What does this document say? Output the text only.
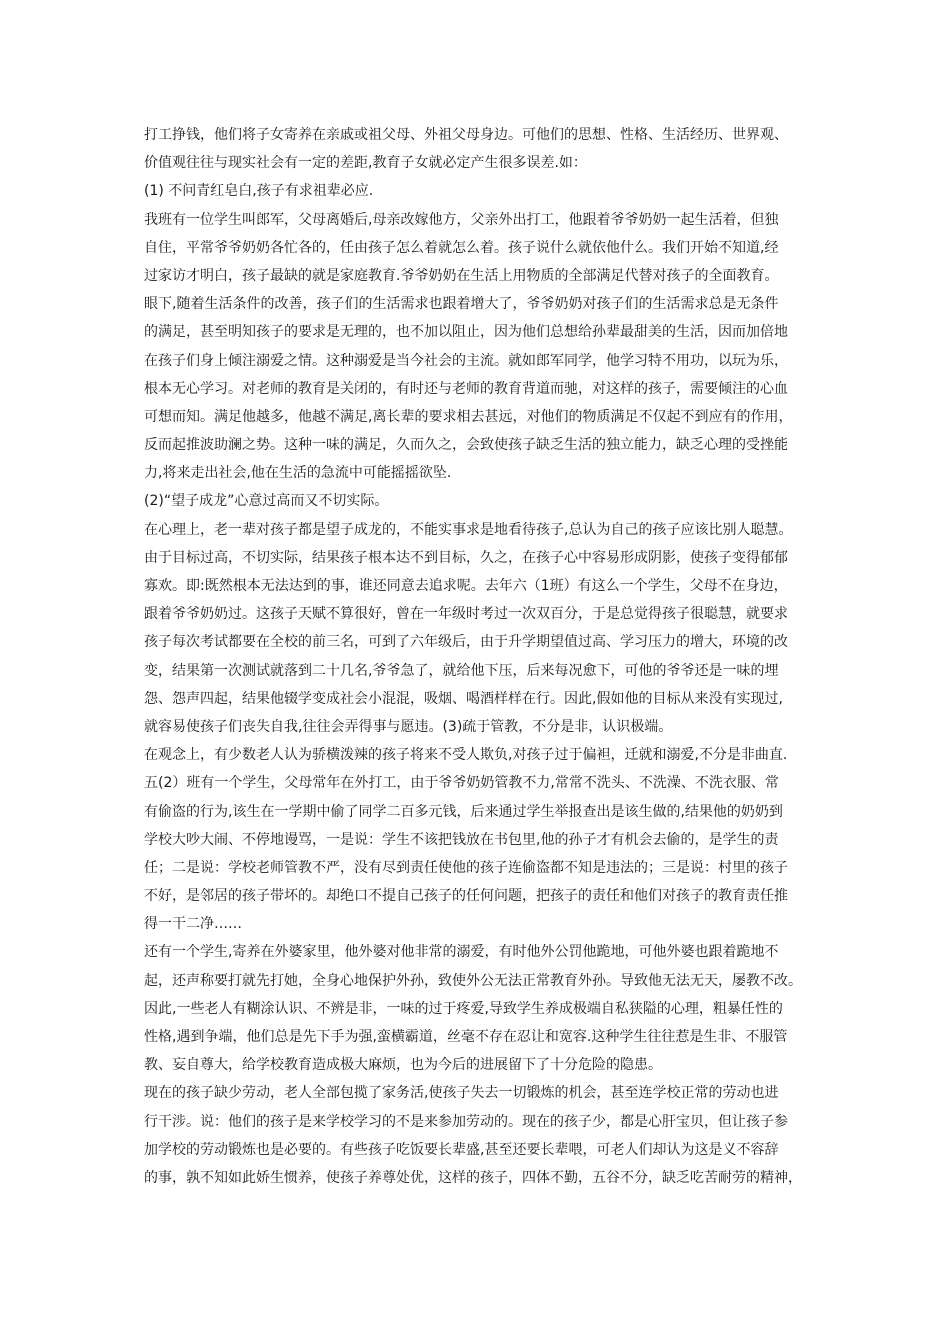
打工挣钱，他们将子女寄养在亲戚或祖父母、外祖父母身边。可他们的思想、性格、生活经历、世界观、
价值观往往与现实社会有一定的差距,教育子女就必定产生很多误差.如：
(1) 不问青红皂白,孩子有求祖辈必应.
我班有一位学生叫郎军，父母离婚后,母亲改嫁他方，父亲外出打工，他跟着爷爷奶奶一起生活着，但独
自住，平常爷爷奶奶各忙各的，任由孩子怎么着就怎么着。孩子说什么就依他什么。我们开始不知道,经
过家访才明白，孩子最缺的就是家庭教育.爷爷奶奶在生活上用物质的全部满足代替对孩子的全面教育。
眼下,随着生活条件的改善，孩子们的生活需求也跟着增大了，爷爷奶奶对孩子们的生活需求总是无条件
的满足，甚至明知孩子的要求是无理的，也不加以阻止，因为他们总想给孙辈最甜美的生活，因而加倍地
在孩子们身上倾注溺爱之情。这种溺爱是当今社会的主流。就如郎军同学，他学习特不用功，以玩为乐，
根本无心学习。对老师的教育是关闭的，有时还与老师的教育背道而驰，对这样的孩子，需要倾注的心血
可想而知。满足他越多，他越不满足,离长辈的要求相去甚远，对他们的物质满足不仅起不到应有的作用，
反而起推波助澜之势。这种一味的满足，久而久之，会致使孩子缺乏生活的独立能力，缺乏心理的受挫能
力,将来走出社会,他在生活的急流中可能摇摇欲坠.
(2)“望子成龙”心意过高而又不切实际。
在心理上，老一辈对孩子都是望子成龙的，不能实事求是地看待孩子,总认为自己的孩子应该比别人聪慧。
由于目标过高，不切实际，结果孩子根本达不到目标，久之，在孩子心中容易形成阴影，使孩子变得郁郁
寡欢。即:既然根本无法达到的事，谁还同意去追求呢。去年六（1班）有这么一个学生，父母不在身边，
跟着爷爷奶奶过。这孩子天赋不算很好，曾在一年级时考过一次双百分，于是总觉得孩子很聪慧，就要求
孩子每次考试都要在全校的前三名，可到了六年级后，由于升学期望值过高、学习压力的增大，环境的改
变，结果第一次测试就落到二十几名,爷爷急了，就给他下压，后来每况愈下，可他的爷爷还是一味的埋
怨、怨声四起，结果他辍学变成社会小混混，吸烟、喝酒样样在行。因此,假如他的目标从来没有实现过,
就容易使孩子们丧失自我,往往会弄得事与愿违。(3)疏于管教，不分是非，认识极端。
在观念上，有少数老人认为骄横泼辣的孩子将来不受人欺负,对孩子过于偏袒，迁就和溺爱,不分是非曲直.
五(2）班有一个学生，父母常年在外打工，由于爷爷奶奶管教不力,常常不洗头、不洗澡、不洗衣服、常
有偷盗的行为,该生在一学期中偷了同学二百多元钱，后来通过学生举报查出是该生做的,结果他的奶奶到
学校大吵大闹、不停地谩骂，一是说：学生不该把钱放在书包里,他的孙子才有机会去偷的，是学生的责
任；二是说：学校老师管教不严，没有尽到责任使他的孩子连偷盗都不知是违法的；三是说：村里的孩子
不好，是邻居的孩子带坏的。却绝口不提自己孩子的任何问题，把孩子的责任和他们对孩子的教育责任推
得一干二净……
还有一个学生,寄养在外婆家里，他外婆对他非常的溺爱，有时他外公罚他跪地，可他外婆也跟着跪地不
起，还声称要打就先打她，全身心地保护外孙，致使外公无法正常教育外孙。导致他无法无天，屡教不改。
因此,一些老人有糊涂认识、不辨是非，一味的过于疼爱,导致学生养成极端自私狭隘的心理，粗暴任性的
性格,遇到争端，他们总是先下手为强,蛮横霸道，丝毫不存在忍让和宽容.这种学生往往惹是生非、不服管
教、妄自尊大，给学校教育造成极大麻烦，也为今后的进展留下了十分危险的隐患。
现在的孩子缺少劳动，老人全部包揽了家务活,使孩子失去一切锻炼的机会，甚至连学校正常的劳动也进
行干涉。说：他们的孩子是来学校学习的不是来参加劳动的。现在的孩子少，都是心肝宝贝，但让孩子参
加学校的劳动锻炼也是必要的。有些孩子吃饭要长辈盛,甚至还要长辈喂，可老人们却认为这是义不容辞
的事，孰不知如此娇生惯养，使孩子养尊处优，这样的孩子，四体不勤，五谷不分，缺乏吃苦耐劳的精神，
